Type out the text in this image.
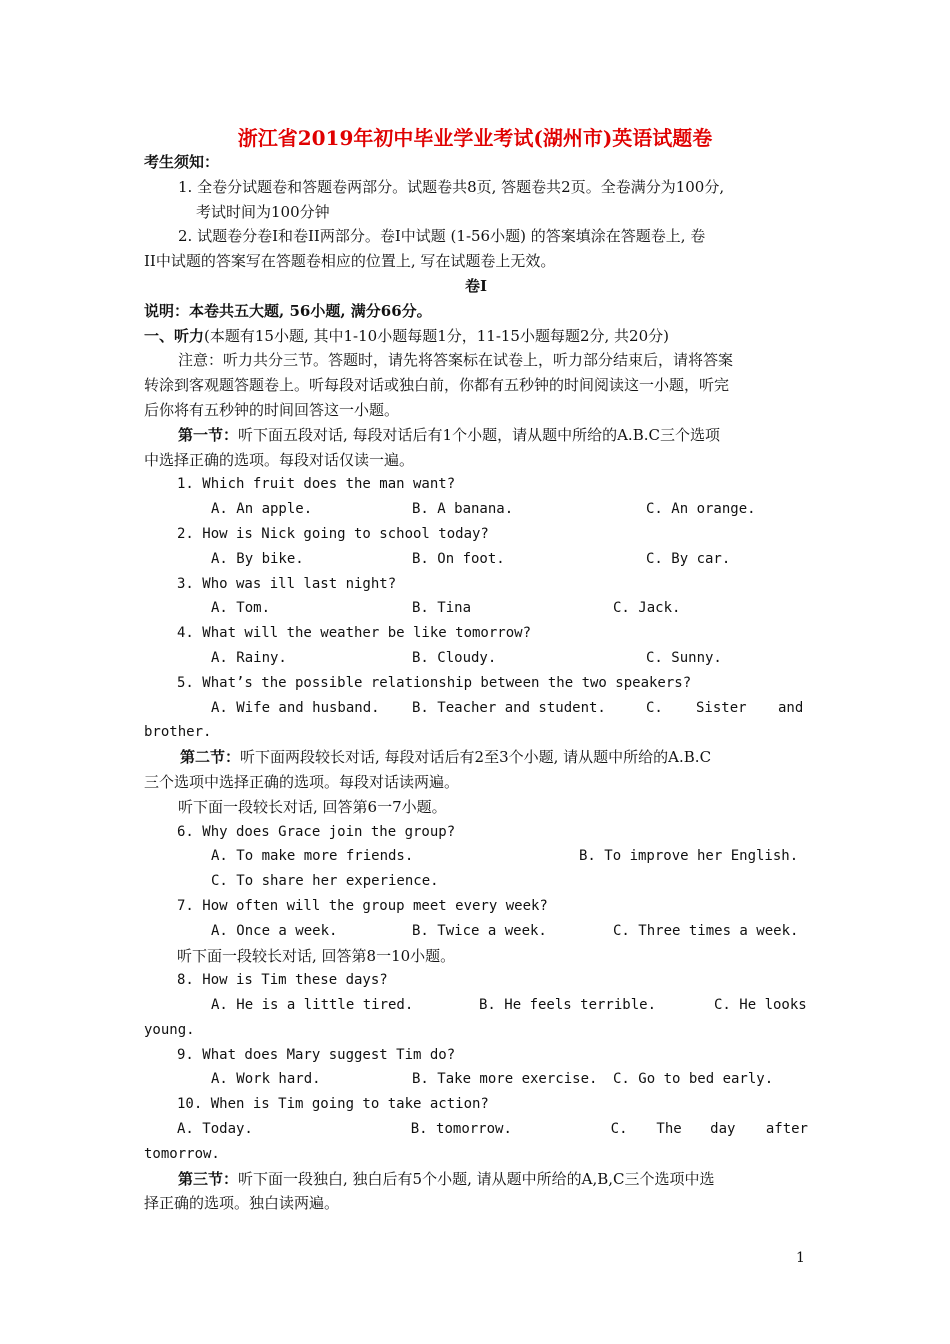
浙江省2019年初中毕业学业考试(湖州市)英语试题卷
考生须知：
1. 全卷分试题卷和答题卷两部分。试题卷共8页, 答题卷共2页。全卷满分为100分,
考试时间为100分钟
2. 试题卷分卷Ⅰ和卷II两部分。卷Ⅰ中试题 (1-56小题) 的答案填涂在答题卷上, 卷
II中试题的答案写在答题卷相应的位置上, 写在试题卷上无效。
卷Ⅰ
说明：本卷共五大题, 56小题, 满分66分。
一、听力(本题有15小题, 其中1-10小题每题1分，11-15小题每题2分, 共20分)
注意：听力共分三节。答题时，请先将答案标在试卷上，听力部分结束后，请将答案
转涂到客观题答题卷上。听每段对话或独白前，你都有五秒钟的时间阅读这一小题，听完
后你将有五秒钟的时间回答这一小题。
第一节：听下面五段对话, 每段对话后有1个小题，请从题中所给的A.B.C三个选项
中选择正确的选项。每段对话仅读一遍。
1. Which fruit does the man want?
A. An apple.	B. A banana.	C. An orange.
2. How is Nick going to school today?
A. By bike.	B. On foot.	C. By car.
3. Who was ill last night?
A. Tom.	B. Tina	C. Jack.
4. What will the weather be like tomorrow?
A. Rainy.	B. Cloudy.	C. Sunny.
5. What’s the possible relationship between the two speakers?
A. Wife and husband.	B. Teacher and student.	C.	Sister	and
brother.
第二节：听下面两段较长对话, 每段对话后有2至3个小题, 请从题中所给的A.B.C
三个选项中选择正确的选项。每段对话读两遍。
听下面一段较长对话, 回答第6一7小题。
6. Why does Grace join the group?
A. To make more friends.	B. To improve her English.
C. To share her experience.
7. How often will the group meet every week?
A. Once a week.	B. Twice a week.	C. Three times a week.
听下面一段较长对话, 回答第8一10小题。
8. How is Tim these days?
A. He is a little tired.	B. He feels terrible.	C. He looks
young.
9. What does Mary suggest Tim do?
A. Work hard.	B. Take more exercise.	C. Go to bed early.
10. When is Tim going to take action?
A. Today.	B. tomorrow.	C.	The	day	after
tomorrow.
第三节：听下面一段独白, 独白后有5个小题, 请从题中所给的A,B,C三个选项中选
择正确的选项。独白读两遍。
1
